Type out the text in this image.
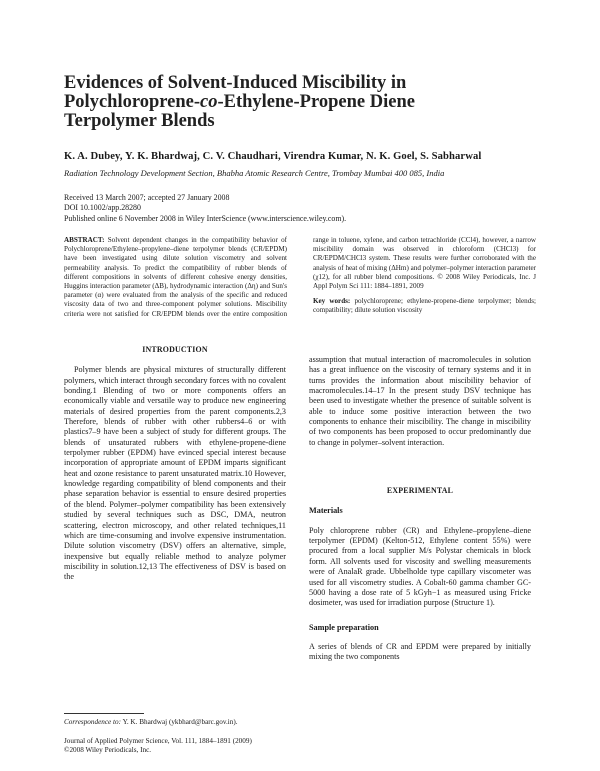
Evidences of Solvent-Induced Miscibility in
Polychloroprene-co-Ethylene-Propene Diene
Terpolymer Blends

K. A. Dubey, Y. K. Bhardwaj, C. V. Chaudhari, Virendra Kumar, N. K. Goel, S. Sabharwal

Radiation Technology Development Section, Bhabha Atomic Research Centre, Trombay Mumbai 400 085, India

Received 13 March 2007; accepted 27 January 2008
DOI 10.1002/app.28280
Published online 6 November 2008 in Wiley InterScience (www.interscience.wiley.com).

ABSTRACT: Solvent dependent changes in the compatibility behavior of Polychloroprene/Ethylene–propylene–diene terpolymer blends (CR/EPDM) have been investigated using dilute solution viscometry and solvent permeability analysis. To predict the compatibility of rubber blends of different compositions in solvents of different cohesive energy densities, Huggins interaction parameter (ΔB), hydrodynamic interaction (Δη) and Sun's parameter (α) were evaluated from the analysis of the specific and reduced viscosity data of two and three-component polymer solutions. Miscibility criteria were not satisfied for CR/EPDM blends over the entire composition range in toluene, xylene, and carbon tetrachloride (CCl4), however, a narrow miscibility domain was observed in chloroform (CHCl3) for CR/EPDM/CHCl3 system. These results were further corroborated with the analysis of heat of mixing (ΔHm) and polymer–polymer interaction parameter (χ12), for all rubber blend compositions. © 2008 Wiley Periodicals, Inc. J Appl Polym Sci 111: 1884–1891, 2009

Key words: polychloroprene; ethylene-propene-diene terpolymer; blends; compatibility; dilute solution viscosity

INTRODUCTION

Polymer blends are physical mixtures of structurally different polymers, which interact through secondary forces with no covalent bonding.1 Blending of two or more components offers an economically viable and versatile way to produce new engineering materials of desired properties from the parent components.2,3 Therefore, blends of rubber with other rubbers4–6 or with plastics7–9 have been a subject of study for different groups. The blends of unsaturated rubbers with ethylene-propene-diene terpolymer rubber (EPDM) have evinced special interest because incorporation of appropriate amount of EPDM imparts significant heat and ozone resistance to parent unsaturated matrix.10 However, knowledge regarding compatibility of blend components and their phase separation behavior is essential to ensure desired properties of the blend. Polymer–polymer compatibility has been extensively studied by several techniques such as DSC, DMA, neutron scattering, electron microscopy, and other related techniques,11 which are time-consuming and involve expensive instrumentation. Dilute solution viscometry (DSV) offers an alternative, simple, inexpensive but equally reliable method to analyze polymer miscibility in solution.12,13 The effectiveness of DSV is based on the

assumption that mutual interaction of macromolecules in solution has a great influence on the viscosity of ternary systems and it in turns provides the information about miscibility behavior of macromolecules.14–17 In the present study DSV technique has been used to investigate whether the presence of suitable solvent is able to induce some positive interaction between the two components to enhance their miscibility. The change in miscibility of two components has been proposed to occur predominantly due to change in polymer–solvent interaction.

EXPERIMENTAL

Materials

Poly chloroprene rubber (CR) and Ethylene–propylene–diene terpolymer (EPDM) (Kelton-512, Ethylene content 55%) were procured from a local supplier M/s Polystar chemicals in block form. All solvents used for viscosity and swelling measurements were of AnalaR grade. Ubbelholde type capillary viscometer was used for all viscometry studies. A Cobalt-60 gamma chamber GC-5000 having a dose rate of 5 kGyh−1 as measured using Fricke dosimeter, was used for irradiation purpose (Structure 1).

Sample preparation

A series of blends of CR and EPDM were prepared by initially mixing the two components

Correspondence to: Y. K. Bhardwaj (ykbhard@barc.gov.in).
Journal of Applied Polymer Science, Vol. 111, 1884–1891 (2009)
©2008 Wiley Periodicals, Inc.
